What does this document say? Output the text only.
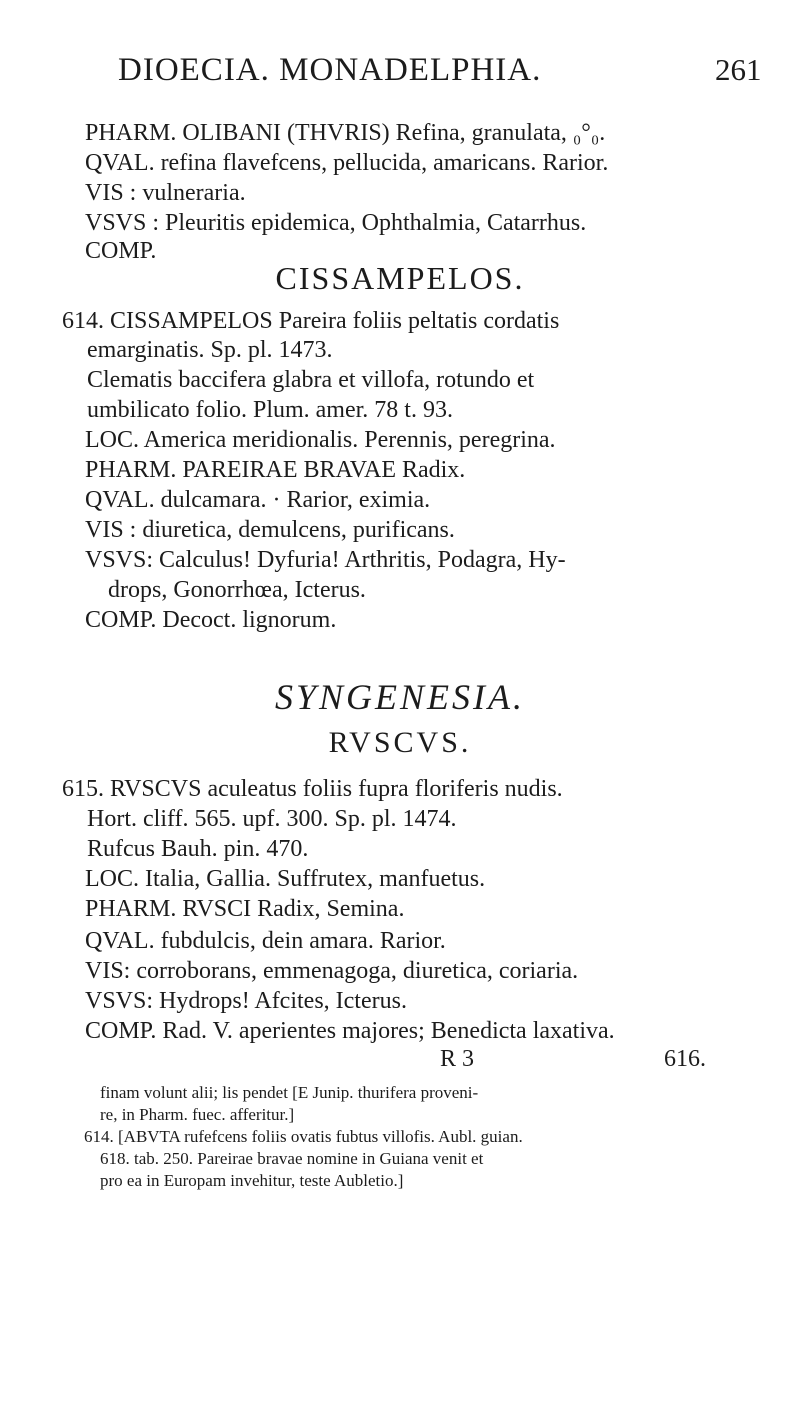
DIOECIA. MONADELPHIA.	261
PHARM. OLIBANI (THVRIS) Refina, granulata, ₀°₀.
QVAL. refina flavefcens, pellucida, amaricans. Rarior.
VIS : vulneraria.
VSVS : Pleuritis epidemica, Ophthalmia, Catarrhus.
COMP.
CISSAMPELOS.
614. CISSAMPELOS Pareira foliis peltatis cordatis
emarginatis. Sp. pl. 1473.
Clematis baccifera glabra et villofa, rotundo et
umbilicato folio. Plum. amer. 78 t. 93.
LOC. America meridionalis. Perennis, peregrina.
PHARM. PAREIRAE BRAVAE Radix.
QVAL. dulcamara. · Rarior, eximia.
VIS : diuretica, demulcens, purificans.
VSVS: Calculus! Dyfuria! Arthritis, Podagra, Hy-
drops, Gonorrhœa, Icterus.
COMP. Decoct. lignorum.
SYNGENESIA.
RVSCVS.
615. RVSCVS aculeatus foliis fupra floriferis nudis.
Hort. cliff. 565. upf. 300. Sp. pl. 1474.
Rufcus Bauh. pin. 470.
LOC. Italia, Gallia. Suffrutex, manfuetus.
PHARM. RVSCI Radix, Semina.
QVAL. fubdulcis, dein amara. Rarior.
VIS: corroborans, emmenagoga, diuretica, coriaria.
VSVS: Hydrops! Afcites, Icterus.
COMP. Rad. V. aperientes majores; Benedicta laxativa.
R 3	616.
finam volunt alii; lis pendet [E Junip. thurifera proveni-
re, in Pharm. fuec. afferitur.]
614. [ABVTA rufefcens foliis ovatis fubtus villofis. Aubl. guian.
618. tab. 250. Pareirae bravae nomine in Guiana venit et
pro ea in Europam invehitur, teste Aubletio.]
